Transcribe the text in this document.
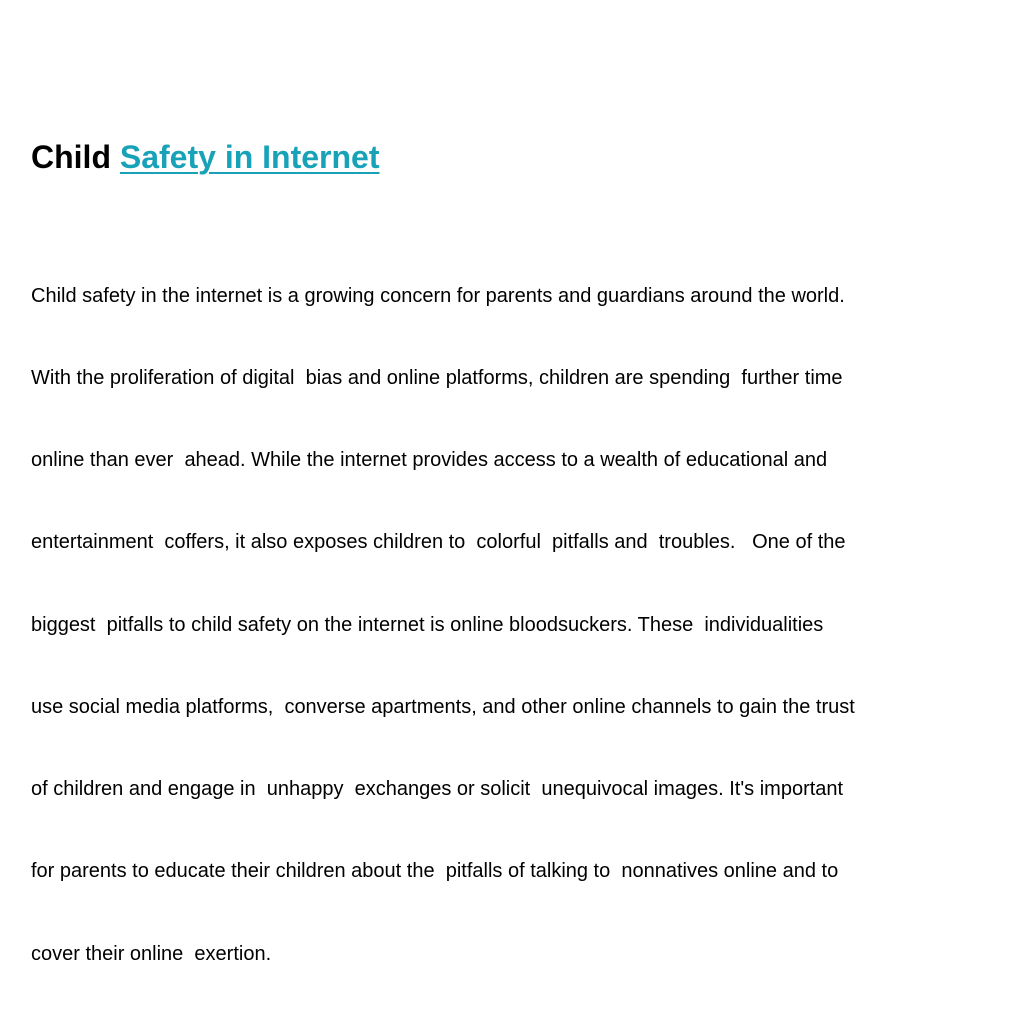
Child Safety in Internet

Child safety in the internet is a growing concern for parents and guardians around the world.

With the proliferation of digital  bias and online platforms, children are spending  further time

online than ever  ahead. While the internet provides access to a wealth of educational and

entertainment  coffers, it also exposes children to  colorful  pitfalls and  troubles.   One of the

biggest  pitfalls to child safety on the internet is online bloodsuckers. These  individualities

use social media platforms,  converse apartments, and other online channels to gain the trust

of children and engage in  unhappy  exchanges or solicit  unequivocal images. It's important

for parents to educate their children about the  pitfalls of talking to  nonnatives online and to

cover their online  exertion.
